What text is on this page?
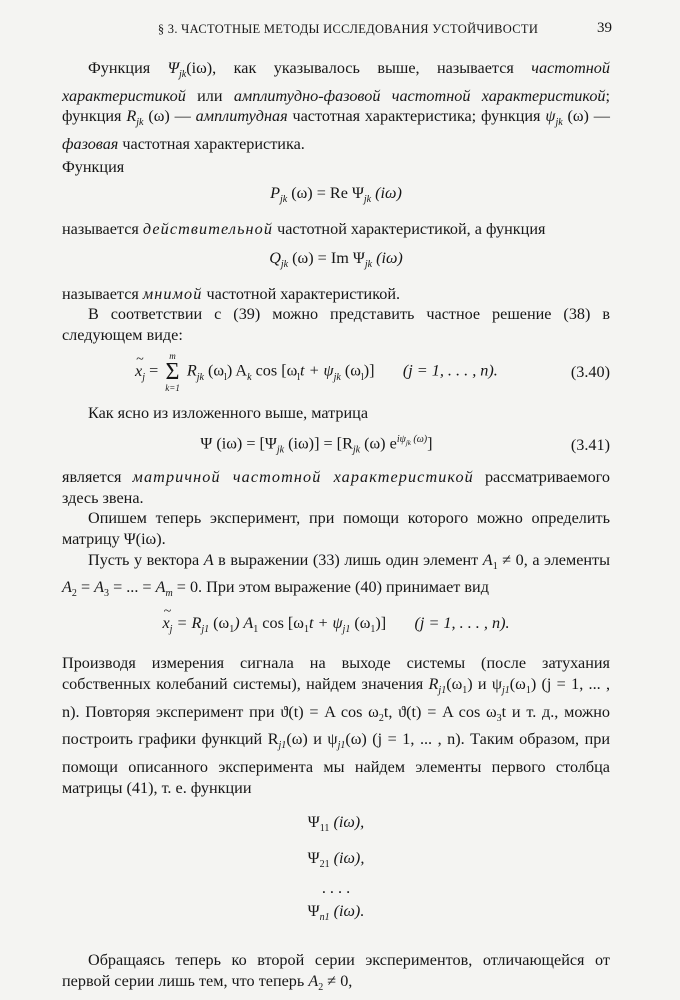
§ 3. ЧАСТОТНЫЕ МЕТОДЫ ИССЛЕДОВАНИЯ УСТОЙЧИВОСТИ	39

Функция $\Psi_{jk}(i\omega)$, как указывалось выше, называется частотной характеристикой или амплитудно-фазовой частотной характеристикой; функция $R_{jk}$ (ω) — амплитудная частотная характеристика; функция $\psi_{jk}$ (ω) — фазовая частотная характеристика.

Функция

$P_{jk}$ (ω) = Re $\Psi_{jk}$ (iω)

называется действительной частотной характеристикой, а функция

$Q_{jk}$ (ω) = Im $\Psi_{jk}$ (iω)

называется мнимой частотной характеристикой.

В соответствии с (39) можно представить частное решение (38) в следующем виде:

~ $x_j$ =
m
Σ
k=1
$R_{jk}$ $(\omega_l)$ $A_k$ $\cos [\omega_lt + \psi_{jk}$ $(\omega_l)$] (j = 1, . . . , n).	(3.40)

Как ясно из изложенного выше, матрица

Ψ $(i\omega) = [\Psi_{jk}$ $(i\omega)] = [R_{jk}$ (ω) $e^{i\psi_{jk} (\omega)}$]	(3.41)

является матричной частотной характеристикой рассматриваемого здесь звена.

Опишем теперь эксперимент, при помощи которого можно определить матрицу Ψ(iω).

Пусть у вектора A в выражении (33) лишь один элемент $A_1 \ne 0$, а элементы $A_2 = A_3$ = ... = $A_m = 0$. При этом выражение (40) принимает вид

~ $x_j = R_{j1}$ $(\omega_1)$ $A_1$ $\cos [\omega_1t + \psi_{j1}$ $(\omega_1)$] (j = 1, . . . , n).

Производя измерения сигнала на выходе системы (после затухания собственных колебаний системы), найдем значения $R_{j1}(\omega_1)$ и $\psi_{j1}(\omega_1) (j = 1$, ... , n). Повторяя эксперимент при ϑ(t) = A $\cos \omega_2t$, ϑ(t) = A $\cos \omega_3t$ и т. д., можно построить графики функций $R_{j1}(\omega)$ и $\psi_{j1}(\omega) (j = 1$, ... , n). Таким образом, при помощи описанного эксперимента мы найдем элементы первого столбца матрицы (41), т. е. функции

$\Psi_{11}$ (iω),
$\Psi_{21}$ (iω),
. . . .
$\Psi_{n1}$ (iω).

Обращаясь теперь ко второй серии экспериментов, отличающейся от первой серии лишь тем, что теперь $A_2 \ne 0$,
